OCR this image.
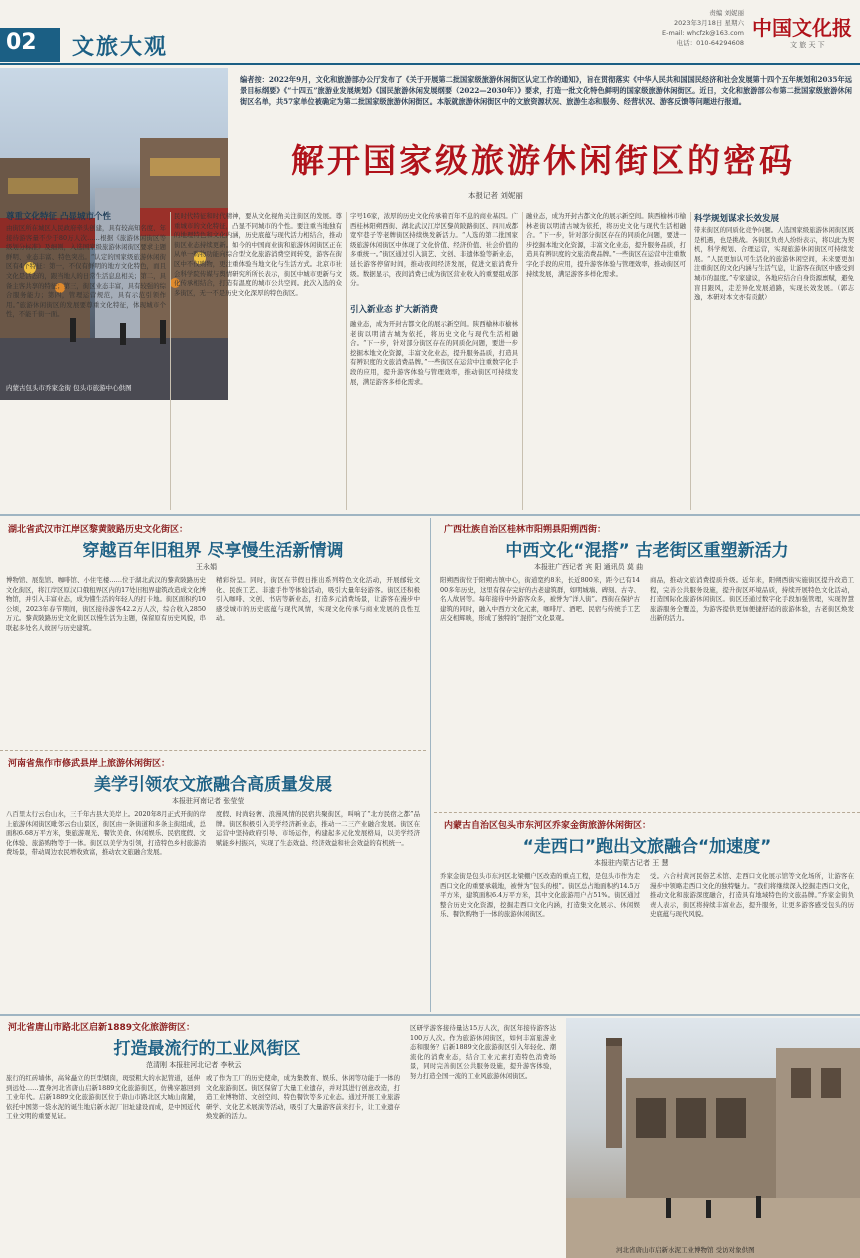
02 文旅大观
责编 刘妮丽
2023年3月18日 星期六
E-mail: whcfzk@163.com
电话：010-64294608
中国文化报
文 旅 天 下
内蒙古包头市乔家金街 包头市旅游中心供图
编者按：2022年9月，文化和旅游部办公厅发布了《关于开展第二批国家级旅游休闲街区认定工作的通知》，旨在贯彻落实《中华人民共和国国民经济和社会发展第十四个五年规划和2035年远景目标纲要》《“十四五”旅游业发展规划》《国民旅游休闲发展纲要（2022—2030年）》要求，打造一批文化特色鲜明的国家级旅游休闲街区。近日，文化和旅游部公布第二批国家级旅游休闲街区名单，共57家单位被确定为第二批国家级旅游休闲街区。本版就旅游休闲街区中的文旅资源状况、旅游生态和服务、经营状况、游客反馈等问题进行报道。
解开国家级旅游休闲街区的密码
本报记者 刘妮丽
尊重文化特征 凸显城市个性
由街区所在城区人民政府牵头创建，具有较高知名度、年接待游客量不少于80万人次……根据《旅游休闲街区等级划分标准》及细则，入选国家级旅游休闲街区要求主题鲜明、业态丰富、特色突出。“认定的国家级旅游休闲街区有4个特征：第一，不仅有鲜明的地方文化特色，而且文化是活态的，跟当地人的日常生活息息相关；第二，具备主客共享的特征；第三，街区业态丰富，具有较强的综合服务能力；第四，管理运营规范，具有示范引领作用。”旅游休闲街区的发展要尊重文化特征，体现城市个性，不能千街一面。
民时代特征和时代精神，要从文化视角关注街区的发展。尊重城市的文化特征，凸显不同城市的个性。要注重当地独有的地理特色和文化内涵，历史底蕴与现代活力相结合，推动街区业态持续更新。如今的中国商业街和旅游休闲街区正在从单一购物功能向综合型文化旅游消费空间转变，游客在街区中不仅购物，更注重体验当地文化与生活方式。北京市社会科学院传媒与舆情研究所所长表示，街区中城市更新与文化传承相结合，打造有温度的城市公共空间。此次入选的众多街区，无一不是历史文化深厚的特色街区。
字号16家，浓厚的历史文化传承着百年不息的商业基因。广西桂林阳朔西街、湖北武汉江岸区黎黄陂路街区、四川成都宽窄巷子等老牌街区持续焕发新活力。“人选的第二批国家级旅游休闲街区中体现了文化价值、经济价值、社会价值的多重统一。”街区通过引入演艺、文创、非遗体验等新业态，延长游客停留时间，推动夜间经济发展，促进文旅消费升级。数据显示，夜间消费已成为街区营业收入的重要组成部分。
引入新业态 扩大新消费
融业态，成为开封古都文化的展示新空间。陕西榆林市榆林老街以明清古城为依托，将历史文化与现代生活相融合。“下一步，针对部分街区存在的同质化问题，要进一步挖掘本地文化资源，丰富文化业态，提升服务品质，打造具有辨识度的文旅消费品牌。”一些街区在运营中注重数字化手段的应用，提升游客体验与管理效率，推动街区可持续发展，满足游客多样化需求。
融业态，成为开封古都文化的展示新空间。陕西榆林市榆林老街以明清古城为依托，将历史文化与现代生活相融合。“下一步，针对部分街区存在的同质化问题，要进一步挖掘本地文化资源，丰富文化业态，提升服务品质，打造具有辨识度的文旅消费品牌。”一些街区在运营中注重数字化手段的应用，提升游客体验与管理效率，推动街区可持续发展，满足游客多样化需求。
科学规划谋求长效发展
带来街区的同质化竞争问题。人选国家级旅游休闲街区既是机遇，也是挑战。各街区负责人纷纷表示，将以此为契机，科学规划、合理运营，实现旅游休闲街区可持续发展。“人民更加认可生活化的旅游休闲空间，未来要更加注重街区的文化内涵与生活气息，让游客在街区中感受到城市的温度。”专家建议，各地应结合自身资源禀赋，避免盲目跟风，走差异化发展道路，实现长效发展。（郭志逸，本研对本文亦有贡献）
湖北省武汉市江岸区黎黄陂路历史文化街区：
穿越百年旧租界 尽享慢生活新情调
王永娟
博物馆、展览馆、咖啡馆、小住宅楼……位于湖北武汉的黎黄陂路历史文化街区，将江岸区原汉口俄租界区内的17处旧租界建筑改造成文化博物馆，并引入丰富业态，成为懂生活的年轻人的打卡地。街区面积约10公顷，2023年春节期间，街区接待游客42.2万人次，综合收入2850万元。黎黄陂路历史文化街区以慢生活为主题，保留原有历史风貌，串联起多处名人故居与历史建筑。
精彩纷呈。同时，街区在节假日推出系列特色文化活动，开展邮轮文化、民族工艺、非遗手作等体验活动，吸引大量年轻游客。街区还积极引入咖啡、文创、书店等新业态，打造多元消费场景，让游客在漫步中感受城市的历史底蕴与现代风情，实现文化传承与商业发展的良性互动。
广西壮族自治区桂林市阳朔县阳朔西街：
中西文化“混搭” 古老街区重塑新活力
本报驻广西记者 宾 阳 通讯员 莫 曲
阳朔西街位于阳朔古镇中心，街道宽约8米，长近800米，距今已有1400多年历史，这里有保存完好的古老建筑群，如明城墙、碑刻、古寺、名人故居等。每年接待中外游客众多，被誉为“洋人街”。西街在保护古建筑的同时，融入中西方文化元素，咖啡厅、酒吧、民宿与传统手工艺店交相辉映，形成了独特的“混搭”文化景观。
商品，推动文旅消费提质升级。近年来，阳朔西街实施街区提升改造工程，完善公共服务设施，提升街区环境品质，持续开展特色文化活动，打造国际化旅游休闲街区。街区还通过数字化手段加强管理，实现智慧旅游服务全覆盖，为游客提供更加便捷舒适的旅游体验，古老街区焕发出新的活力。
河南省焦作市修武县岸上旅游休闲街区：
美学引领农文旅融合高质量发展
本报驻河南记者 张莹莹
八百里太行云台山水，三千年古县大美岸上。2020年8月正式开街的岸上旅游休闲街区毗邻云台山景区，街区由一条街道和多条主街组成，总面积6.68万平方米，集旅游观光、餐饮美食、休闲娱乐、民宿度假、文化体验、旅游购物等于一体。街区以美学为引领，打造特色乡村旅游消费场景，带动周边农民增收致富，推动农文旅融合发展。
度假、时尚轻奢、浪漫风情的民宿共聚街区，叫响了“北方民宿之都”品牌。街区积极引入美学经济新业态，推动一二三产业融合发展。街区在运营中坚持政府引导、市场运作，构建起多元化发展格局，以美学经济赋能乡村振兴，实现了生态效益、经济效益和社会效益的有机统一。
内蒙古自治区包头市东河区乔家金街旅游休闲街区：
“走西口”跑出文旅融合“加速度”
本报驻内蒙古记者 王 慧
乔家金街是包头市东河区北梁棚户区改造的重点工程，是包头市作为走西口文化的重要承载地，被誉为“包头的根”。街区总占地面积约14.5万平方米，建筑面积6.4万平方米，其中文化旅游用户占51%。街区通过整合历史文化资源，挖掘走西口文化内涵，打造集文化展示、休闲娱乐、餐饮购物于一体的旅游休闲街区。
受。六合村黄河民俗艺术馆、走西口文化展示馆等文化场所，让游客在漫步中领略走西口文化的独特魅力。“我们将继续深入挖掘走西口文化，推动文化和旅游深度融合，打造具有地域特色的文旅品牌。”乔家金街负责人表示，街区将持续丰富业态，提升服务，让更多游客感受包头的历史底蕴与现代风貌。
河北省唐山市路北区启新1889文化旅游街区：
打造最流行的工业风街区
范清刚 本报驻河北记者 李秋云
旅行的红砖墙体，高耸矗立的巨型烟囱，斑驳粗大的水泥管道，延伸到远处……置身河北省唐山启新1889文化旅游街区，仿佛穿越回到工业年代。启新1889文化旅游街区位于唐山市路北区大城山南麓，依托中国第一袋水泥的诞生地启新水泥厂旧址建设而成，是中国近代工业文明的重要见证。
或了作为工厂的历史使命，成为集教育、娱乐、休闲等功能于一体的文化旅游街区。街区保留了大量工业遗存，并对其进行创意改造，打造工业博物馆、文创空间、特色餐饮等多元业态。通过开展工业旅游研学、文化艺术展演等活动，吸引了大量游客前来打卡，让工业遗存焕发新的活力。
区研学游客接待量达15万人次，街区年接待游客达100万人次。作为旅游休闲街区，如何丰富旅游业态和服务？启新1889文化旅游街区引入年轻化、潮流化的消费业态，结合工业元素打造特色消费场景，同时完善街区公共服务设施，提升游客体验，努力打造全国一流的工业风旅游休闲街区。
河北省唐山市启新水泥工业博物馆 受访对象供图
